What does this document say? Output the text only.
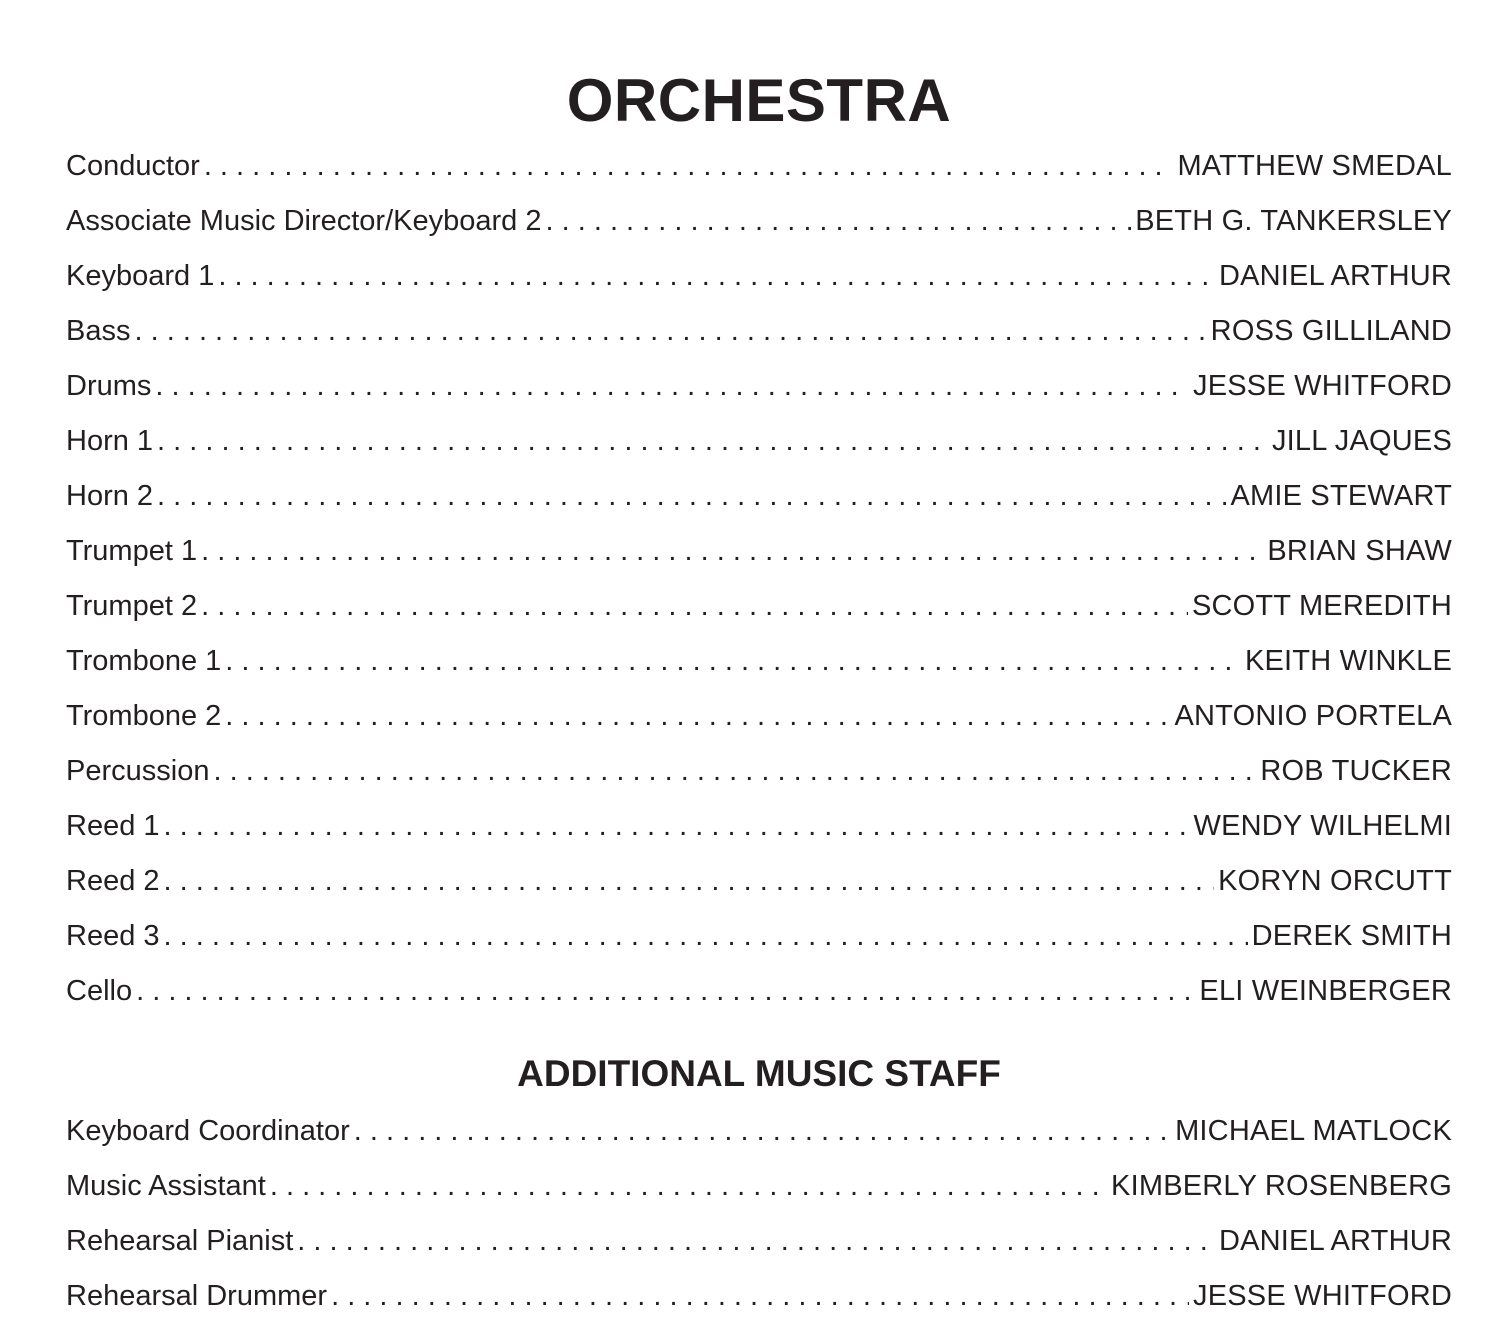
ORCHESTRA
Conductor . . .	MATTHEW SMEDAL
Associate Music Director/Keyboard 2 . . .	BETH G. TANKERSLEY
Keyboard 1 . . .	DANIEL ARTHUR
Bass . . .	ROSS GILLILAND
Drums . . .	JESSE WHITFORD
Horn 1 . . .	JILL JAQUES
Horn 2 . . .	AMIE STEWART
Trumpet 1 . . .	BRIAN SHAW
Trumpet 2 . . .	SCOTT MEREDITH
Trombone 1 . . .	KEITH WINKLE
Trombone 2 . . .	ANTONIO PORTELA
Percussion . . .	ROB TUCKER
Reed 1 . . .	WENDY WILHELMI
Reed 2 . . .	KORYN ORCUTT
Reed 3 . . .	DEREK SMITH
Cello . . .	ELI WEINBERGER
ADDITIONAL MUSIC STAFF
Keyboard Coordinator . . .	MICHAEL MATLOCK
Music Assistant . . .	KIMBERLY ROSENBERG
Rehearsal Pianist . . .	DANIEL ARTHUR
Rehearsal Drummer . . .	JESSE WHITFORD
